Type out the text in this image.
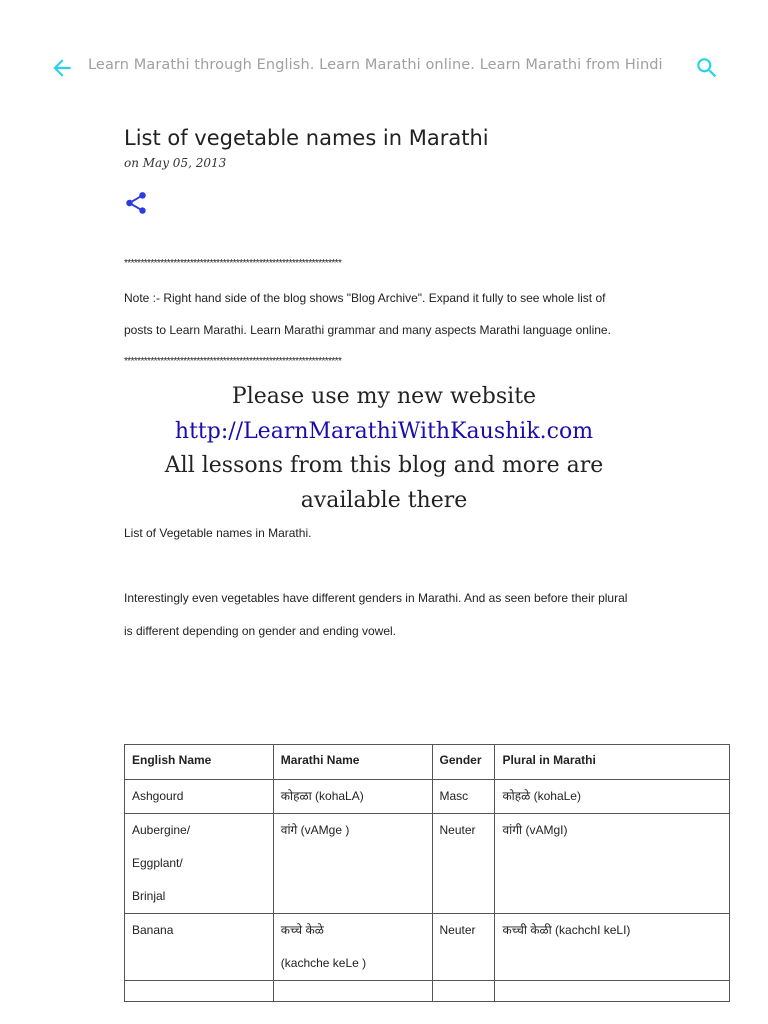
Learn Marathi through English. Learn Marathi online. Learn Marathi from Hindi
List of vegetable names in Marathi
on May 05, 2013
******************************************************************
Note :- Right hand side of the blog shows "Blog Archive". Expand it fully to see whole list of
posts to Learn Marathi. Learn Marathi grammar and many aspects Marathi language online.
******************************************************************
Please use my new website
http://LearnMarathiWithKaushik.com
All lessons from this blog and more are
available there
List of Vegetable names in Marathi.
Interestingly even vegetables have different genders in Marathi. And as seen before their plural
is different depending on gender and ending vowel.
English Name	Marathi Name	Gender	Plural in Marathi

Ashgourd	कोहळा (kohaLA)	Masc	कोहळे (kohaLe)

Aubergine/
Eggplant/
Brinjal	वांगे (vAMge )	Neuter	वांगी (vAMgI)

Banana	कच्चे केळे
(kachche keLe )	Neuter	कच्ची केळी (kachchI keLI)
